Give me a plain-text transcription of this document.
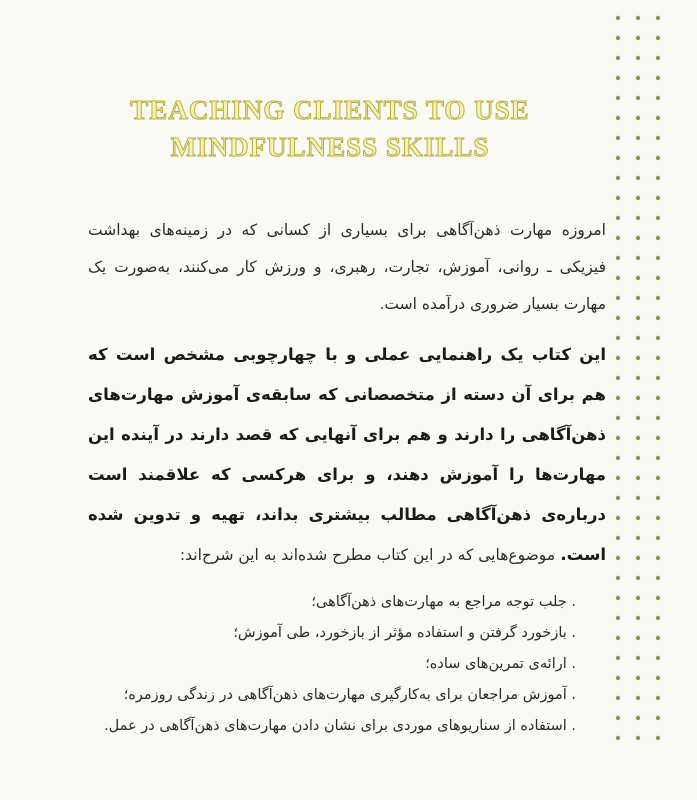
TEACHING CLIENTS TO USE
MINDFULNESS SKILLS

امروزه مهارت ذهن‌آگاهی برای بسیاری از کسانی که در زمینه‌های بهداشت فیزیکی ـ روانی، آموزش، تجارت، رهبری، و ورزش کار می‌کنند، به‌صورت یک مهارت بسیار ضروری درآمده است.

این کتاب یک راهنمایی عملی و با چهارچوبی مشخص است که هم برای آن دسته از متخصصانی که سابقه‌ی آموزش مهارت‌های ذهن‌آگاهی را دارند و هم برای آنهایی که قصد دارند در آینده این مهارت‌ها را آموزش دهند، و برای هرکسی که علاقمند است درباره‌ی ذهن‌آگاهی مطالب بیشتری بداند، تهیه و تدوین شده است. موضوع‌هایی که در این کتاب مطرح شده‌اند به این شرح‌اند:

. جلب توجه مراجع به مهارت‌های ذهن‌آگاهی؛
. بازخورد گرفتن و استفاده مؤثر از بازخورد، طی آموزش؛
. ارائه‌ی تمرین‌های ساده؛
. آموزش مراجعان برای به‌کارگیری مهارت‌های ذهن‌آگاهی در زندگی روزمره؛
. استفاده از سناریوهای موردی برای نشان دادن مهارت‌های ذهن‌آگاهی در عمل.
